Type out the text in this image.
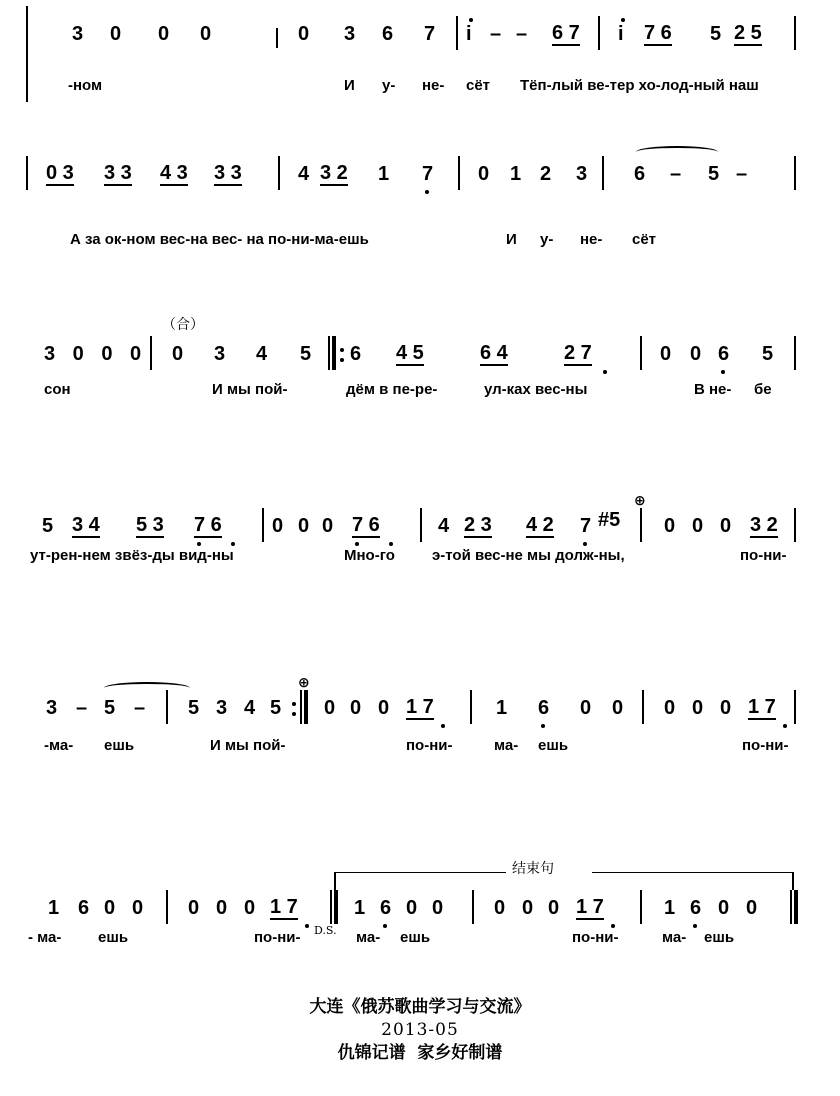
3 0 0 0	0 3 6 7 i – – 6 7 i 7 6 5 2 5
-ном	И у- не- сёт Тёп-лый ве-тер хо-лод-ный наш
0 3 3 3 4 3 3 3	4 3 2 1 7 0 1 2 3 6 – 5 –
А за ок-ном вес-на вес- на по-ни-ма-ешь	И у- не- сёт
（合）
3 0 0 0 0 3 4 5 6 4 5	6 4	2 7	0 0 6 5
сон	И мы пой-	дём в пе-ре-	ул-ках вес-ны	В не- бе
5 3 4 5 3 7 6	0 0 0 7 6	4 2 3 4 2 7 #5
⊕
0 0 0 3 2
ут-рен-нем звёз-ды вид-ны	Мно-го э-той вес-не мы долж-ны,	по-ни-
3 – 5 – 5 3 4 5
⊕
0 0 0 1 7	1 6 0 0 0 0 0 1 7
-ма- ешь	И мы пой-	по-ни-	ма- ешь	по-ни-
结束句
1 6 0 0 0 0 0 1 7	1 6 0 0	0 0 0 1 7	1 6 0 0
- ма- ешь	по-ни- D.S. ма- ешь	по-ни-	ма- ешь
大连《俄苏歌曲学习与交流》
2013-05
仇锦记谱  家乡好制谱
